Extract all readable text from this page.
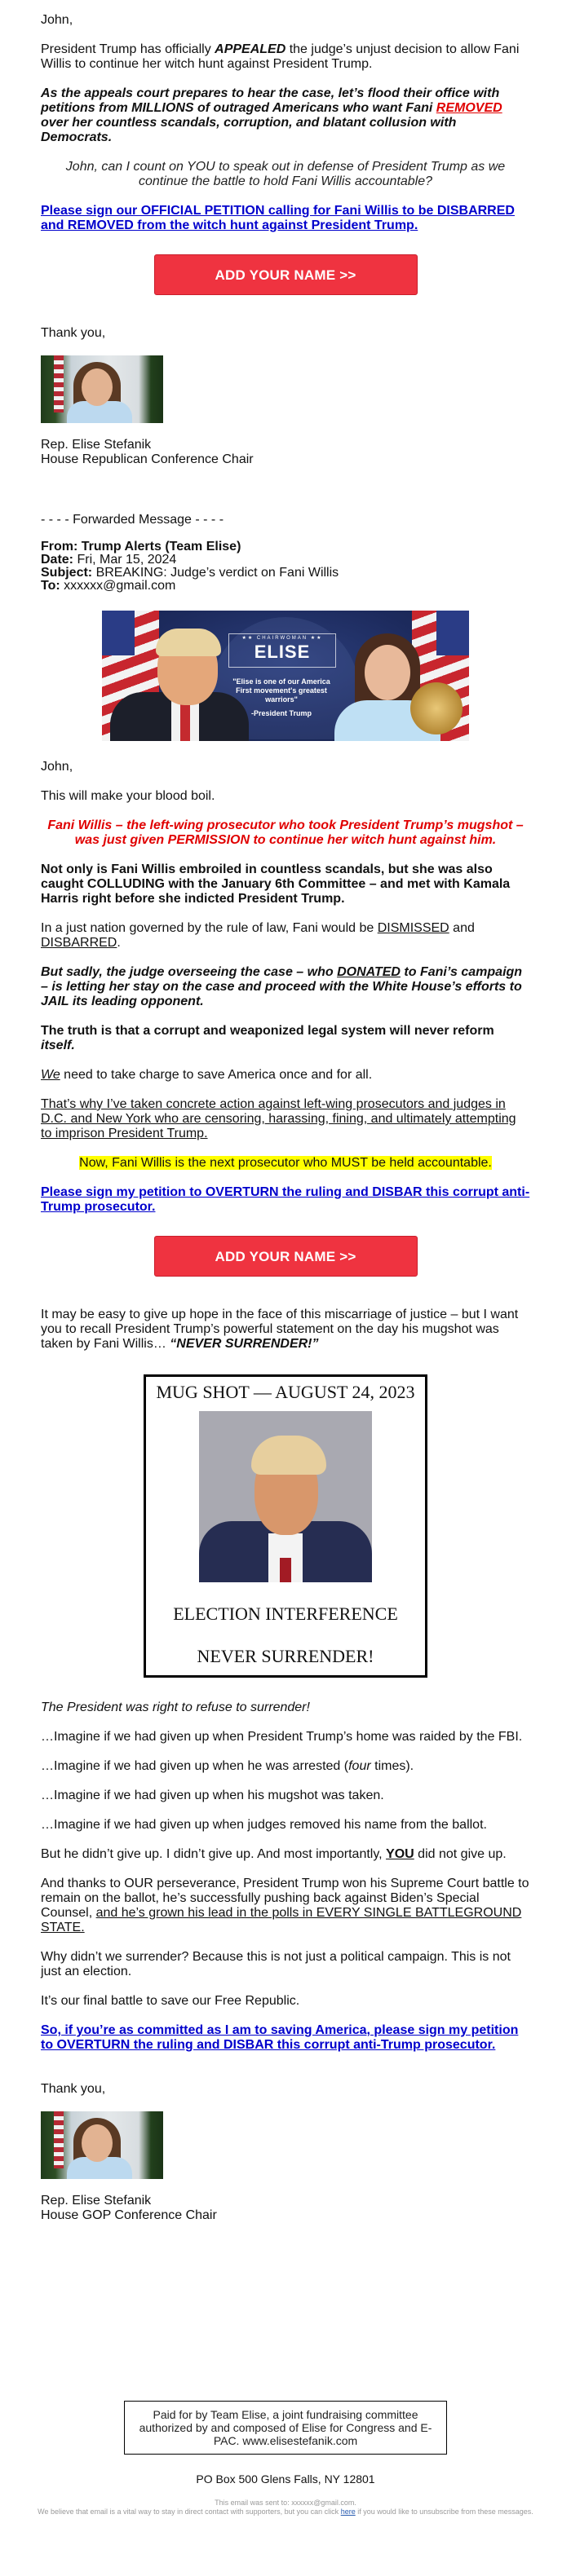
John,

President Trump has officially APPEALED the judge’s unjust decision to allow Fani Willis to continue her witch hunt against President Trump.

As the appeals court prepares to hear the case, let’s flood their office with petitions from MILLIONS of outraged Americans who want Fani REMOVED over her countless scandals, corruption, and blatant collusion with Democrats.

John, can I count on YOU to speak out in defense of President Trump as we continue the battle to hold Fani Willis accountable?

Please sign our OFFICIAL PETITION calling for Fani Willis to be DISBARRED and REMOVED from the witch hunt against President Trump.

ADD YOUR NAME >>

Thank you,

Rep. Elise Stefanik
House Republican Conference Chair

- - - - Forwarded Message - - - -

From: Trump Alerts (Team Elise)
Date: Fri, Mar 15, 2024
Subject: BREAKING: Judge’s verdict on Fani Willis
To: xxxxxx@gmail.com
★★ CHAIRWOMAN ★★
ELISE
"Elise is one of our America First movement's greatest warriors"
-President Trump

John,

This will make your blood boil.

Fani Willis – the left-wing prosecutor who took President Trump’s mugshot – was just given PERMISSION to continue her witch hunt against him.

Not only is Fani Willis embroiled in countless scandals, but she was also caught COLLUDING with the January 6th Committee – and met with Kamala Harris right before she indicted President Trump.

In a just nation governed by the rule of law, Fani would be DISMISSED and DISBARRED.

But sadly, the judge overseeing the case – who DONATED to Fani’s campaign – is letting her stay on the case and proceed with the White House’s efforts to JAIL its leading opponent.

The truth is that a corrupt and weaponized legal system will never reform itself.

We need to take charge to save America once and for all.

That’s why I’ve taken concrete action against left-wing prosecutors and judges in D.C. and New York who are censoring, harassing, fining, and ultimately attempting to imprison President Trump.

Now, Fani Willis is the next prosecutor who MUST be held accountable.

Please sign my petition to OVERTURN the ruling and DISBAR this corrupt anti-Trump prosecutor.

ADD YOUR NAME >>

It may be easy to give up hope in the face of this miscarriage of justice – but I want you to recall President Trump’s powerful statement on the day his mugshot was taken by Fani Willis… “NEVER SURRENDER!”

MUG SHOT — AUGUST 24, 2023
ELECTION INTERFERENCE
NEVER SURRENDER!

The President was right to refuse to surrender!

…Imagine if we had given up when President Trump’s home was raided by the FBI.

…Imagine if we had given up when he was arrested (four times).

…Imagine if we had given up when his mugshot was taken.

…Imagine if we had given up when judges removed his name from the ballot.

But he didn’t give up. I didn’t give up. And most importantly, YOU did not give up.

And thanks to OUR perseverance, President Trump won his Supreme Court battle to remain on the ballot, he’s successfully pushing back against Biden’s Special Counsel, and he’s grown his lead in the polls in EVERY SINGLE BATTLEGROUND STATE.

Why didn’t we surrender? Because this is not just a political campaign. This is not just an election.

It’s our final battle to save our Free Republic.

So, if you’re as committed as I am to saving America, please sign my petition to OVERTURN the ruling and DISBAR this corrupt anti-Trump prosecutor.

Thank you,

Rep. Elise Stefanik
House GOP Conference Chair
Paid for by Team Elise, a joint fundraising committee authorized by and composed of Elise for Congress and E-PAC. www.elisestefanik.com
PO Box 500 Glens Falls, NY 12801
This email was sent to: xxxxxx@gmail.com.
We believe that email is a vital way to stay in direct contact with supporters, but you can click here if you would like to unsubscribe from these messages.
